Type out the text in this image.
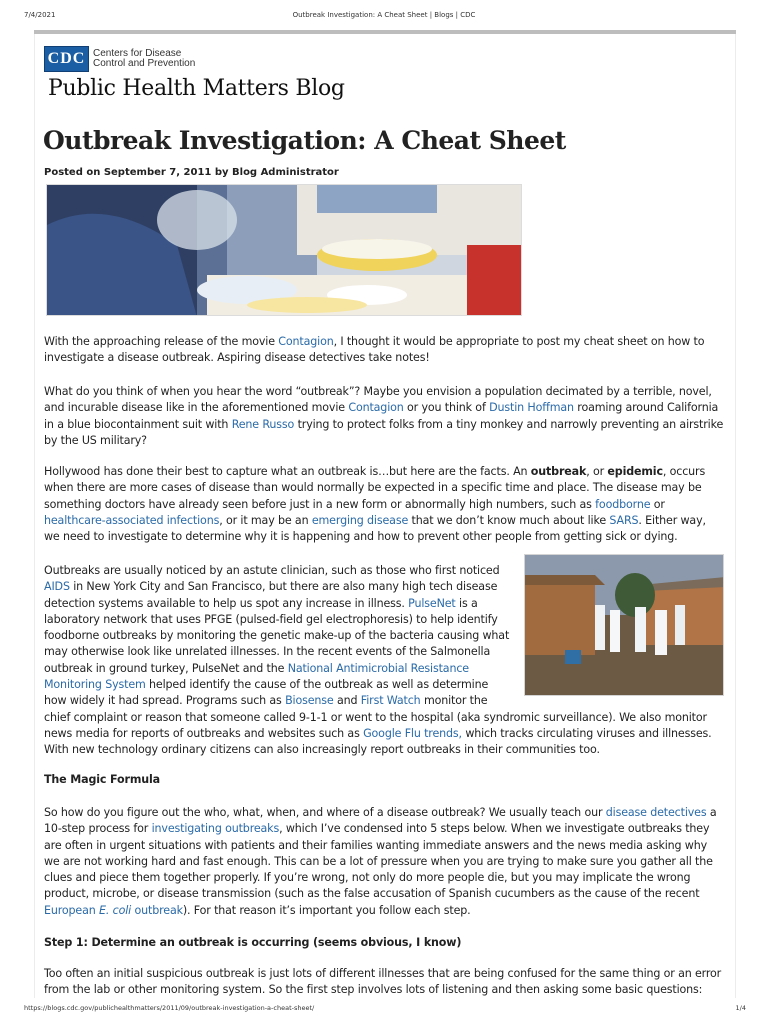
7/4/2021	Outbreak Investigation: A Cheat Sheet | Blogs | CDC
CDC Centers for Disease
Control and Prevention
Public Health Matters Blog
Outbreak Investigation: A Cheat Sheet
Posted on September 7, 2011 by Blog Administrator

With the approaching release of the movie Contagion, I thought it would be appropriate to post my cheat sheet on how to investigate a disease outbreak. Aspiring disease detectives take notes!

What do you think of when you hear the word “outbreak”? Maybe you envision a population decimated by a terrible, novel, and incurable disease like in the aforementioned movie Contagion or you think of Dustin Hoffman roaming around California in a blue biocontainment suit with Rene Russo trying to protect folks from a tiny monkey and narrowly preventing an airstrike by the US military?

Hollywood has done their best to capture what an outbreak is…but here are the facts. An outbreak, or epidemic, occurs when there are more cases of disease than would normally be expected in a specific time and place. The disease may be something doctors have already seen before just in a new form or abnormally high numbers, such as foodborne or healthcare-associated infections, or it may be an emerging disease that we don’t know much about like SARS. Either way, we need to investigate to determine why it is happening and how to prevent other people from getting sick or dying.

Outbreaks are usually noticed by an astute clinician, such as those who first noticed AIDS in New York City and San Francisco, but there are also many high tech disease detection systems available to help us spot any increase in illness. PulseNet is a laboratory network that uses PFGE (pulsed-field gel electrophoresis) to help identify foodborne outbreaks by monitoring the genetic make-up of the bacteria causing what may otherwise look like unrelated illnesses. In the recent events of the Salmonella outbreak in ground turkey, PulseNet and the National Antimicrobial Resistance Monitoring System helped identify the cause of the outbreak as well as determine how widely it had spread. Programs such as Biosense and First Watch monitor the chief complaint or reason that someone called 9-1-1 or went to the hospital (aka syndromic surveillance). We also monitor news media for reports of outbreaks and websites such as Google Flu trends, which tracks circulating viruses and illnesses. With new technology ordinary citizens can also increasingly report outbreaks in their communities too.
The Magic Formula

So how do you figure out the who, what, when, and where of a disease outbreak? We usually teach our disease detectives a 10-step process for investigating outbreaks, which I’ve condensed into 5 steps below. When we investigate outbreaks they are often in urgent situations with patients and their families wanting immediate answers and the news media asking why we are not working hard and fast enough. This can be a lot of pressure when you are trying to make sure you gather all the clues and piece them together properly. If you’re wrong, not only do more people die, but you may implicate the wrong product, microbe, or disease transmission (such as the false accusation of Spanish cucumbers as the cause of the recent European E. coli outbreak). For that reason it’s important you follow each step.

Step 1: Determine an outbreak is occurring (seems obvious, I know)

Too often an initial suspicious outbreak is just lots of different illnesses that are being confused for the same thing or an error from the lab or other monitoring system. So the first step involves lots of listening and then asking some basic questions:

https://blogs.cdc.gov/publichealthmatters/2011/09/outbreak-investigation-a-cheat-sheet/	1/4
